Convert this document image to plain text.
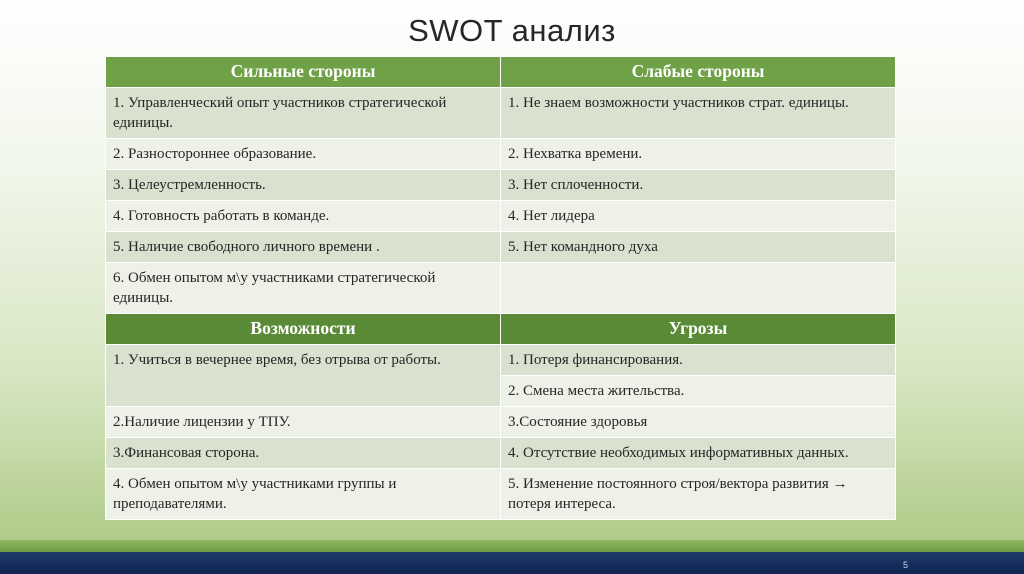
SWOT анализ
Сильные стороны	Слабые стороны
1. Управленческий опыт участников стратегической единицы.	1. Не знаем возможности участников страт. единицы.
2. Разностороннее образование.	2. Нехватка времени.
3. Целеустремленность.	3. Нет сплоченности.
4. Готовность работать в команде.	4. Нет лидера
5. Наличие свободного личного времени .	5. Нет командного духа
6. Обмен опытом м\у участниками стратегической единицы.	
Возможности	Угрозы
1. Учиться в вечернее время, без отрыва от работы.	1. Потеря финансирования.
	2. Смена места жительства.
2.Наличие лицензии у ТПУ.	3.Состояние здоровья
3.Финансовая сторона.	4. Отсутствие необходимых информативных данных.
4. Обмен опытом м\у участниками группы и преподавателями.	5. Изменение постоянного строя/вектора развития → потеря интереса.
5
